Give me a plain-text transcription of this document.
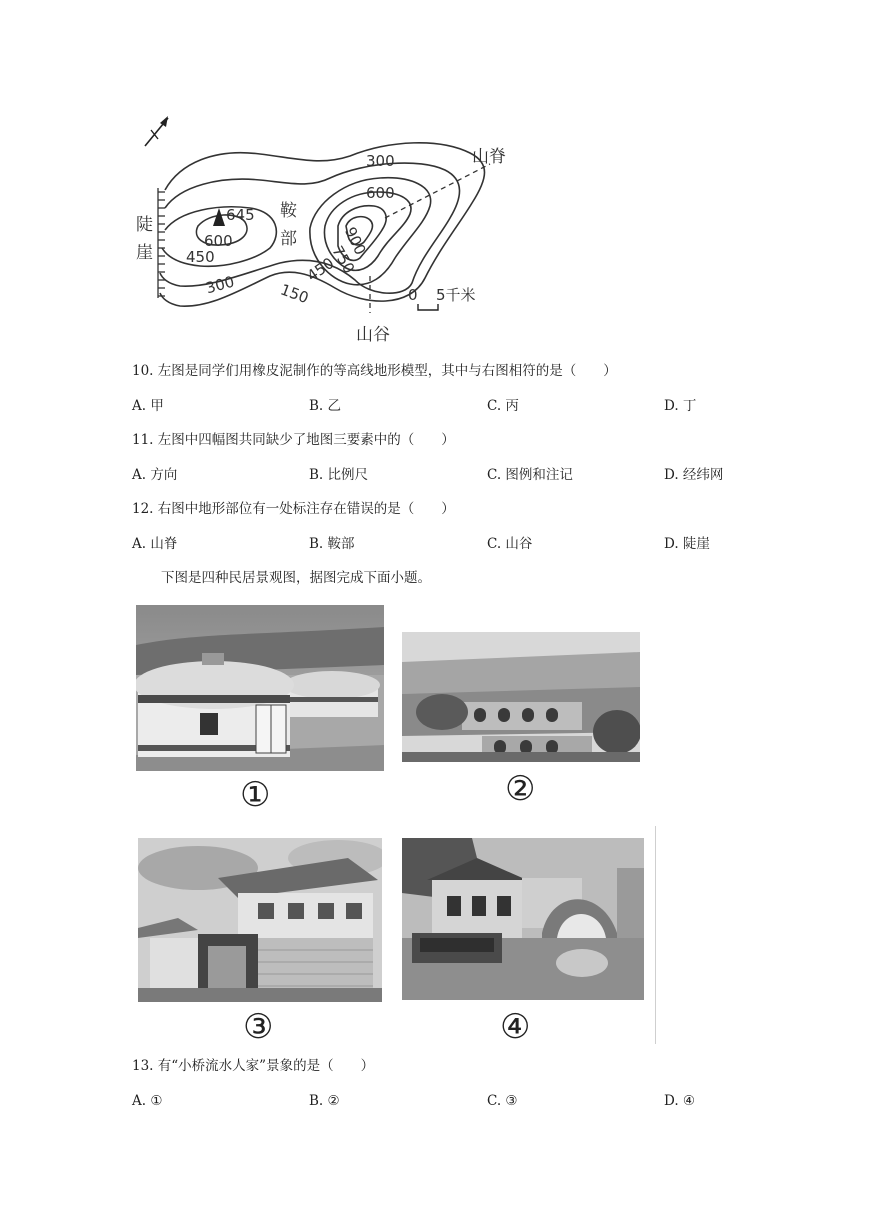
山脊
鞍
部
陡
崖
山谷
645
300
600
600
450	900
750
450
300	150	0 5千米
10. 左图是同学们用橡皮泥制作的等高线地形模型，其中与右图相符的是（　　）
A. 甲	B. 乙	C. 丙	D. 丁
11. 左图中四幅图共同缺少了地图三要素中的（　　）
A. 方向	B. 比例尺	C. 图例和注记	D. 经纬网
12. 右图中地形部位有一处标注存在错误的是（　　）
A. 山脊	B. 鞍部	C. 山谷	D. 陡崖
下图是四种民居景观图，据图完成下面小题。
①	②
③	④
13. 有“小桥流水人家”景象的是（　　）
A. ①	B. ②	C. ③	D. ④
